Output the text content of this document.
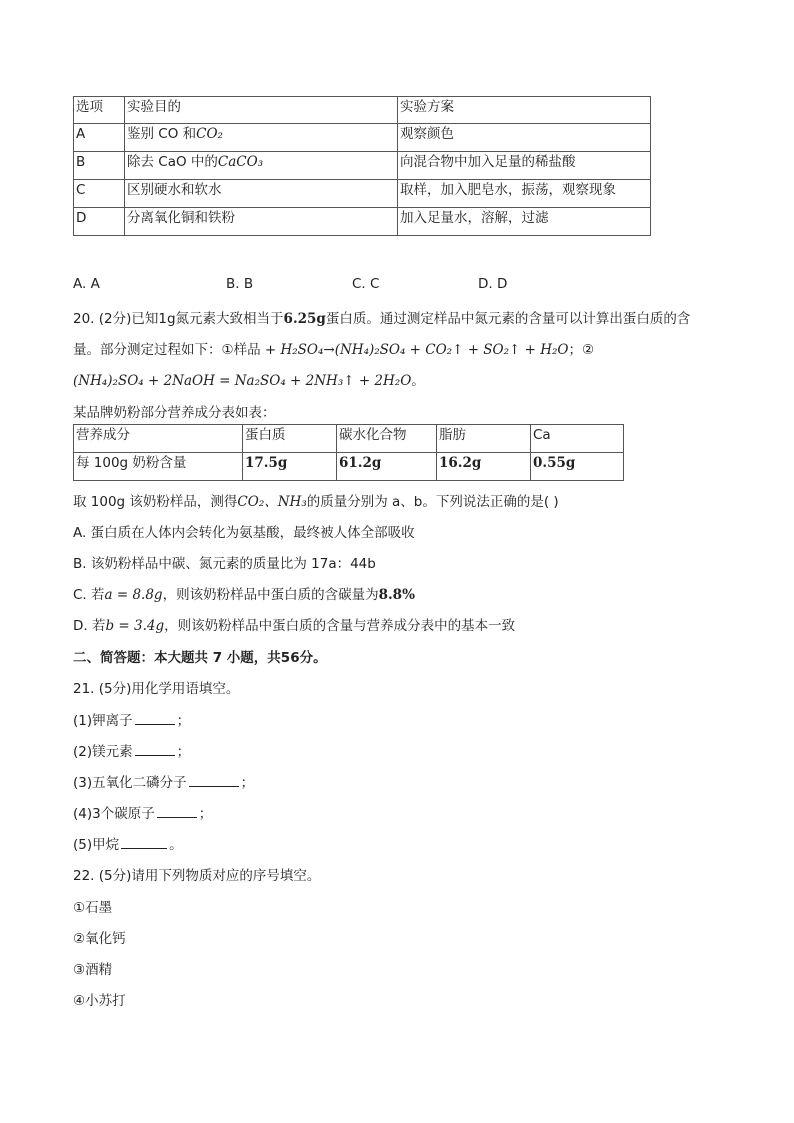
选项	实验目的	实验方案
A	鉴别 CO 和CO₂	观察颜色
B	除去 CaO 中的CaCO₃	向混合物中加入足量的稀盐酸
C	区别硬水和软水	取样，加入肥皂水，振荡，观察现象
D	分离氧化铜和铁粉	加入足量水，溶解，过滤
A. A	B. B	C. C	D. D
20. (2分)已知1g氮元素大致相当于6.25g蛋白质。通过测定样品中氮元素的含量可以计算出蛋白质的含
量。部分测定过程如下：①样品 + H₂SO₄→(NH₄)₂SO₄ + CO₂↑ + SO₂↑ + H₂O；②
(NH₄)₂SO₄ + 2NaOH = Na₂SO₄ + 2NH₃↑ + 2H₂O。
某品牌奶粉部分营养成分表如表：
营养成分	蛋白质	碳水化合物	脂肪	Ca
每 100g 奶粉含量	17.5g	61.2g	16.2g	0.55g
取 100g 该奶粉样品，测得CO₂、NH₃的质量分别为 a、b。下列说法正确的是( )
A. 蛋白质在人体内会转化为氨基酸，最终被人体全部吸收
B. 该奶粉样品中碳、氮元素的质量比为 17a：44b
C. 若a = 8.8g，则该奶粉样品中蛋白质的含碳量为8.8%
D. 若b = 3.4g，则该奶粉样品中蛋白质的含量与营养成分表中的基本一致
二、简答题：本大题共 7 小题，共56分。
21. (5分)用化学用语填空。
(1)钾离子	；
(2)镁元素	；
(3)五氧化二磷分子	；
(4)3个碳原子	；
(5)甲烷	。
22. (5分)请用下列物质对应的序号填空。
①石墨
②氧化钙
③酒精
④小苏打
